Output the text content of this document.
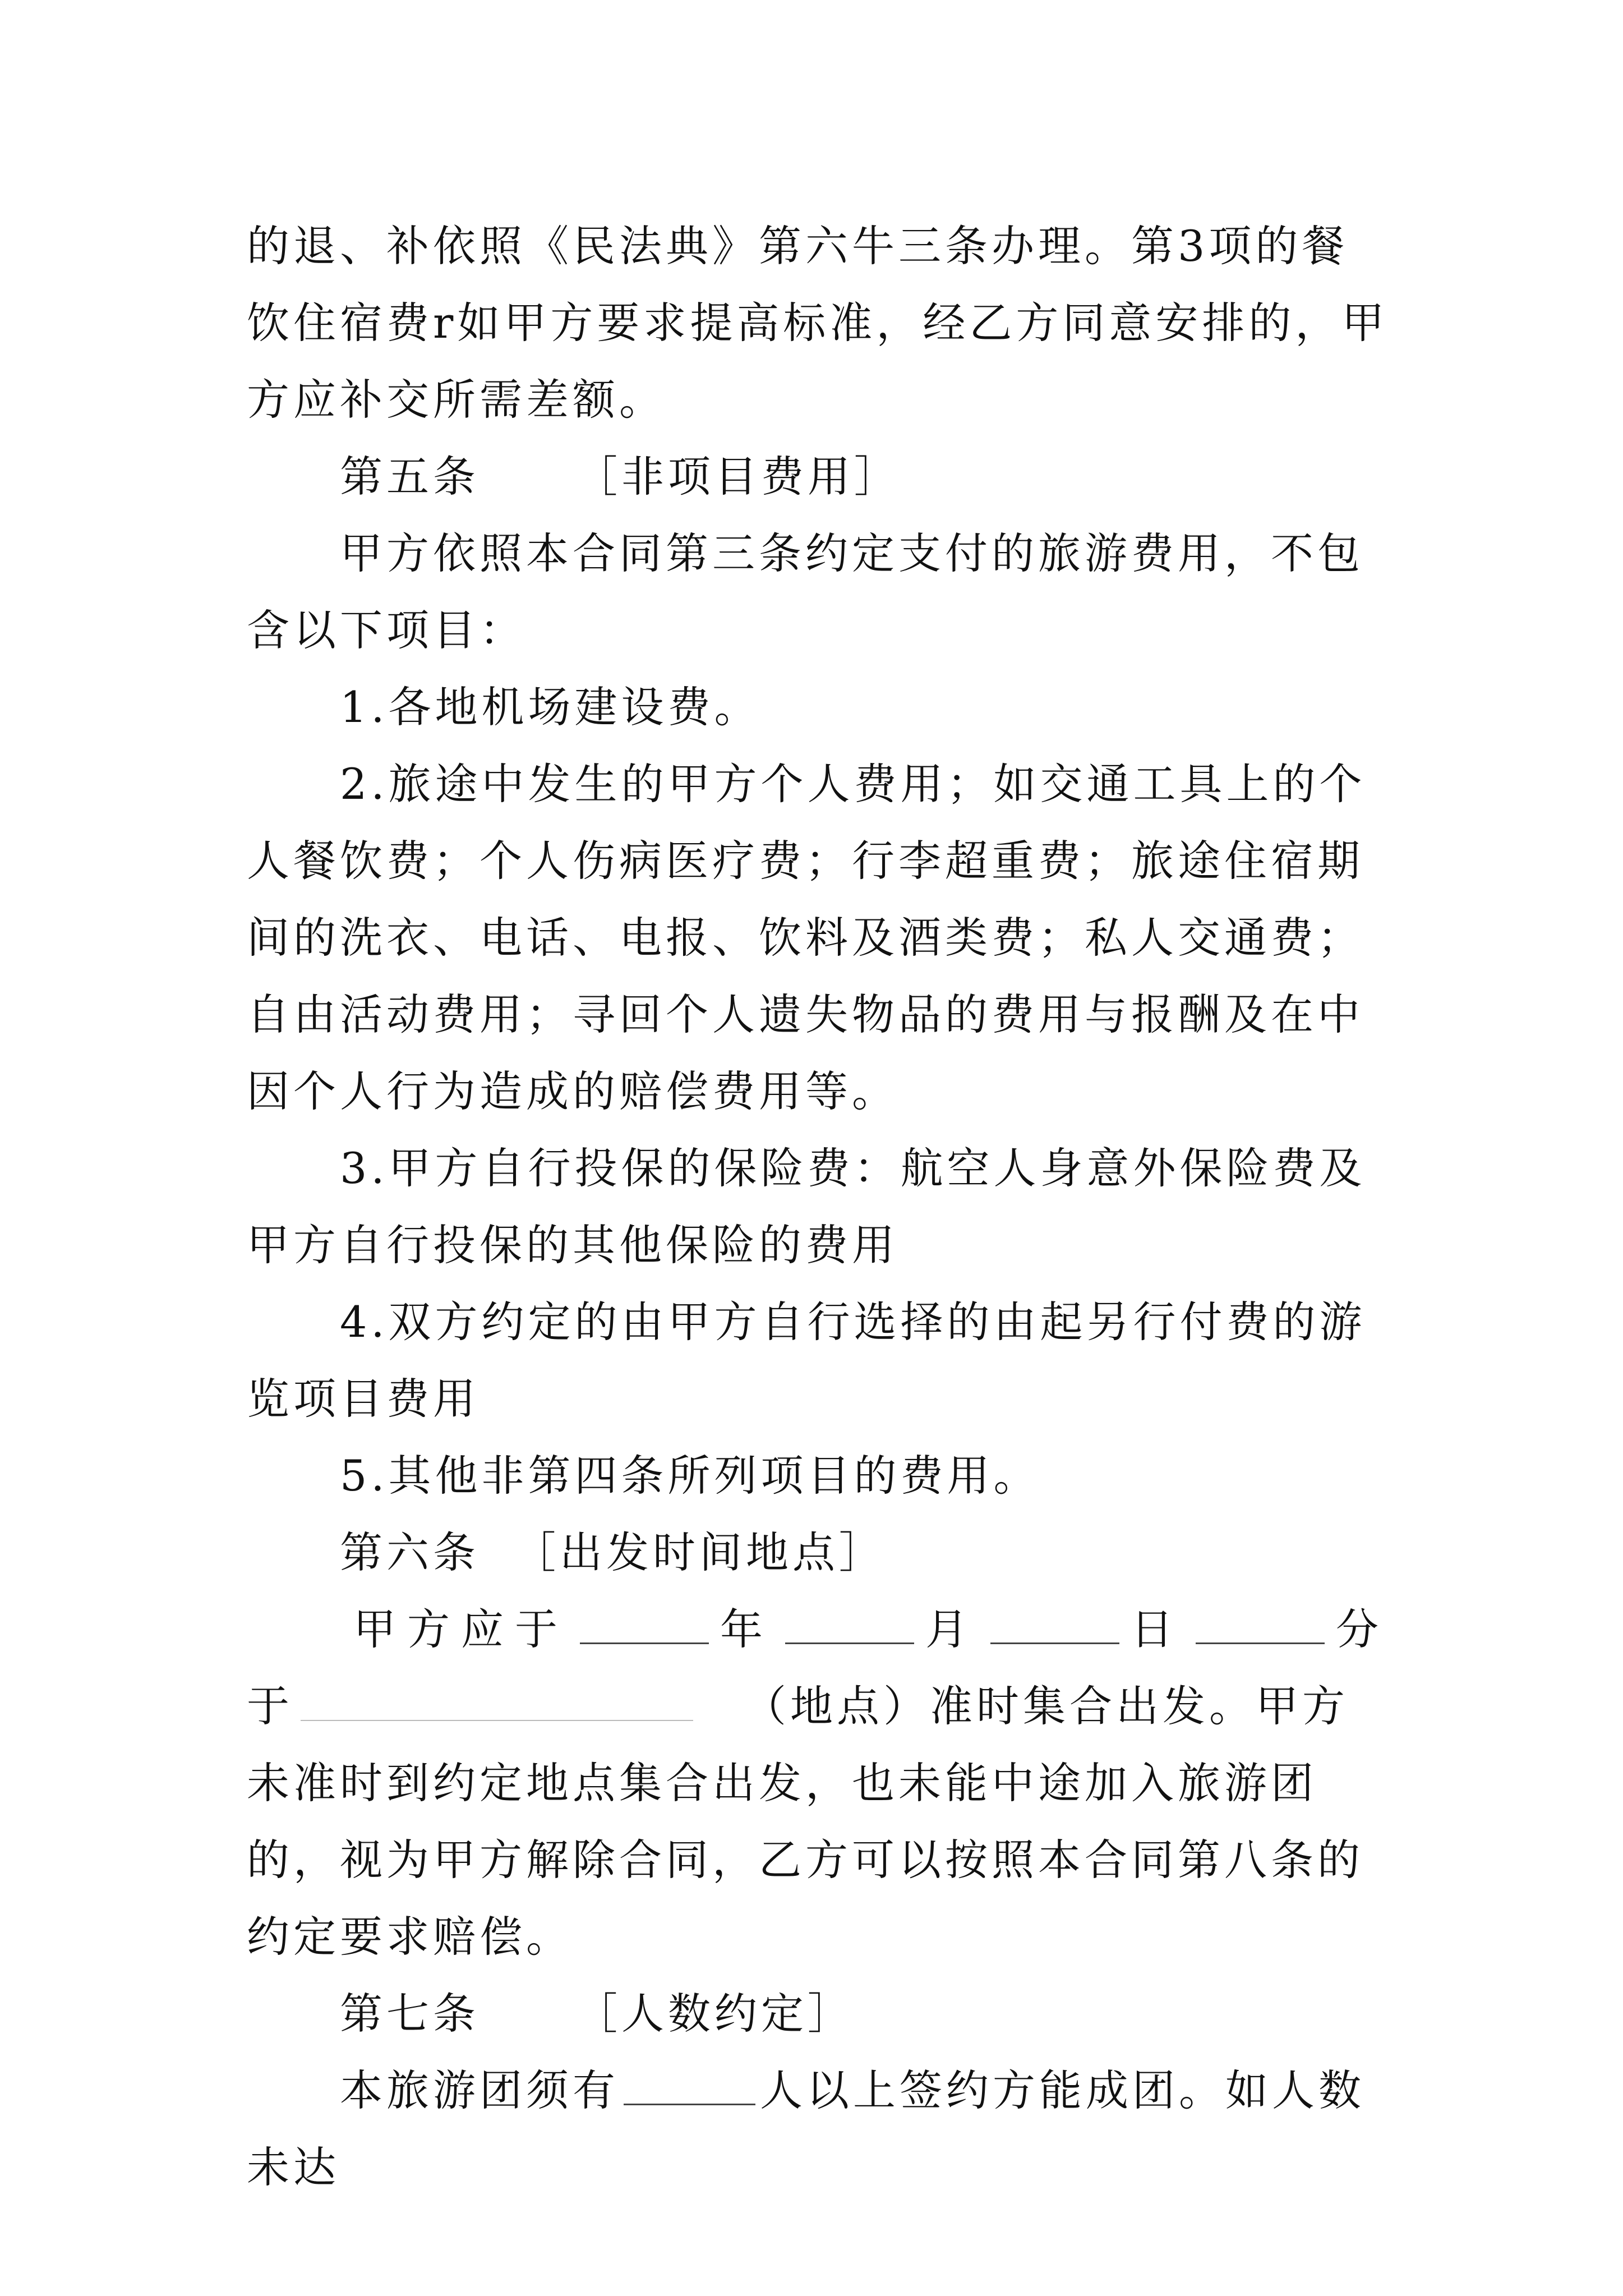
的退、补依照《民法典》第六牛三条办理。第3项的餐饮住宿费r如甲方要求提高标准，经乙方同意安排的，甲方应补交所需差额。

第五条 ［非项目费用］

甲方依照本合同第三条约定支付的旅游费用，不包含以下项目：

1.各地机场建设费。

2.旅途中发生的甲方个人费用；如交通工具上的个人餐饮费；个人伤病医疗费；行李超重费；旅途住宿期间的洗衣、电话、电报、饮料及酒类费；私人交通费；自由活动费用；寻回个人遗失物品的费用与报酬及在中因个人行为造成的赔偿费用等。

3.甲方自行投保的保险费：航空人身意外保险费及甲方自行投保的其他保险的费用

4.双方约定的由甲方自行选择的由起另行付费的游览项目费用

5.其他非第四条所列项目的费用。

第六条 ［出发时间地点］

甲方应于	年	月	日	分于	（地点）准时集合出发。甲方未准时到约定地点集合出发，也未能中途加入旅游团的，视为甲方解除合同，乙方可以按照本合同第八条的约定要求赔偿。

第七条 ［人数约定］

本旅游团须有	人以上签约方能成团。如人数未达
